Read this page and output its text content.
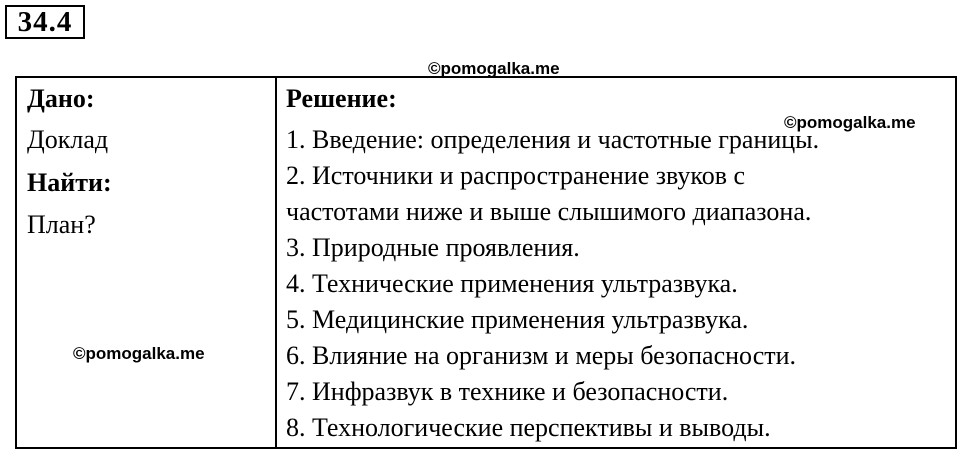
34.4
©pomogalka.me
Дано:
Доклад
Найти:
План?
©pomogalka.me
Решение:
1. Введение: определения и частотные границы.
2. Источники и распространение звуков с
частотами ниже и выше слышимого диапазона.
3. Природные проявления.
4. Технические применения ультразвука.
5. Медицинские применения ультразвука.
6. Влияние на организм и меры безопасности.
7. Инфразвук в технике и безопасности.
8. Технологические перспективы и выводы.
©pomogalka.me
